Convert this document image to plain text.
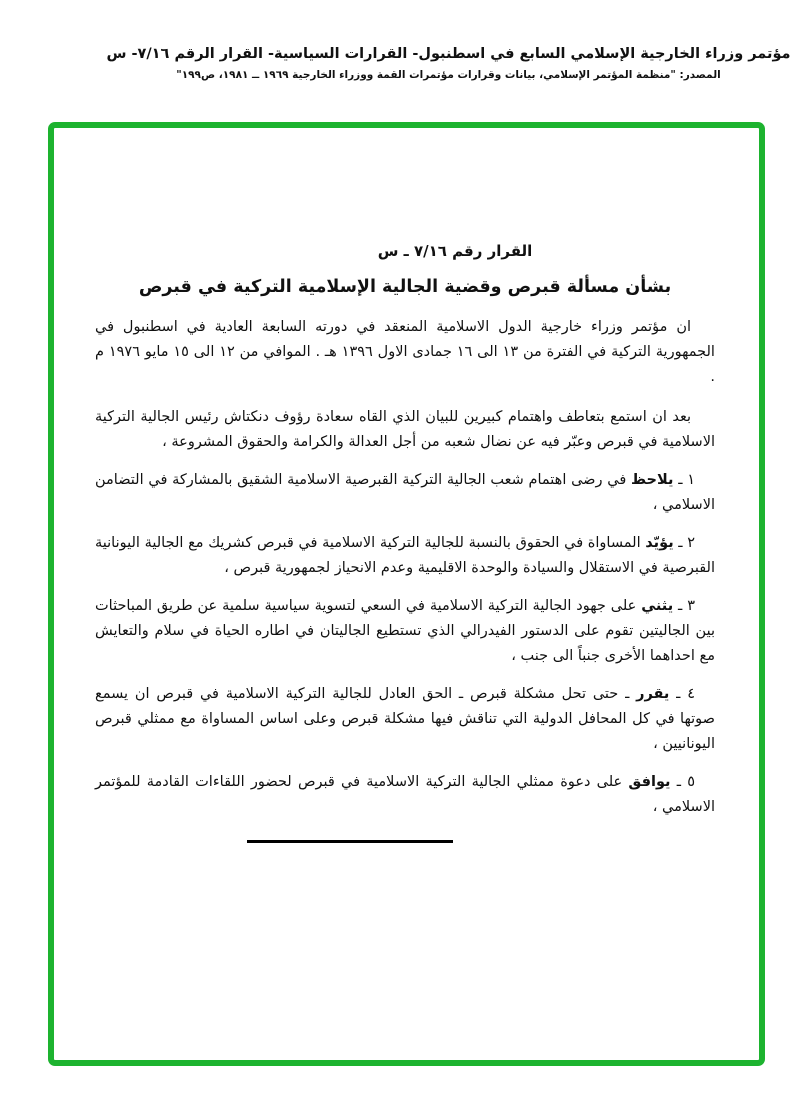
مؤتمر وزراء الخارجية الإسلامي السابع في اسطنبول- القرارات السياسية- القرار الرقم ٧/١٦- س
المصدر: "منظمة المؤتمر الإسلامي، بيانات وقرارات مؤتمرات القمة ووزراء الخارجية ١٩٦٩ ــ ١٩٨١، ص١٩٩"
القرار رقم ٧/١٦ ـ س
بشأن مسألة قبرص وقضية الجالية الإسلامية التركية في قبرص
ان مؤتمر وزراء خارجية الدول الاسلامية المنعقد في دورته السابعة العادية في اسطنبول في الجمهورية التركية في الفترة من ١٣ الى ١٦ جمادى الاول ١٣٩٦ هـ . الموافي من ١٢ الى ١٥ مايو ١٩٧٦ م .
بعد ان استمع بتعاطف واهتمام كبيرين للبيان الذي القاه سعادة رؤوف دنكتاش رئيس الجالية التركية الاسلامية في قبرص وعبّر فيه عن نضال شعبه من أجل العدالة والكرامة والحقوق المشروعة ،
١ ـ يلاحظ في رضى اهتمام شعب الجالية التركية القبرصية الاسلامية الشقيق بالمشاركة في التضامن الاسلامي ،
٢ ـ يؤيّد المساواة في الحقوق بالنسبة للجالية التركية الاسلامية في قبرص كشريك مع الجالية اليونانية القبرصية في الاستقلال والسيادة والوحدة الاقليمية وعدم الانحياز لجمهورية قبرص ،
٣ ـ يثني على جهود الجالية التركية الاسلامية في السعي لتسوية سياسية سلمية عن طريق المباحثات بين الجاليتين تقوم على الدستور الفيدرالي الذي تستطيع الجاليتان في اطاره الحياة في سلام والتعايش مع احداهما الأخرى جنباً الى جنب ،
٤ ـ يقرر ـ حتى تحل مشكلة قبرص ـ الحق العادل للجالية التركية الاسلامية في قبرص ان يسمع صوتها في كل المحافل الدولية التي تناقش فيها مشكلة قبرص وعلى اساس المساواة مع ممثلي قبرص اليونانيين ،
٥ ـ يوافق على دعوة ممثلي الجالية التركية الاسلامية في قبرص لحضور اللقاءات القادمة للمؤتمر الاسلامي ،
